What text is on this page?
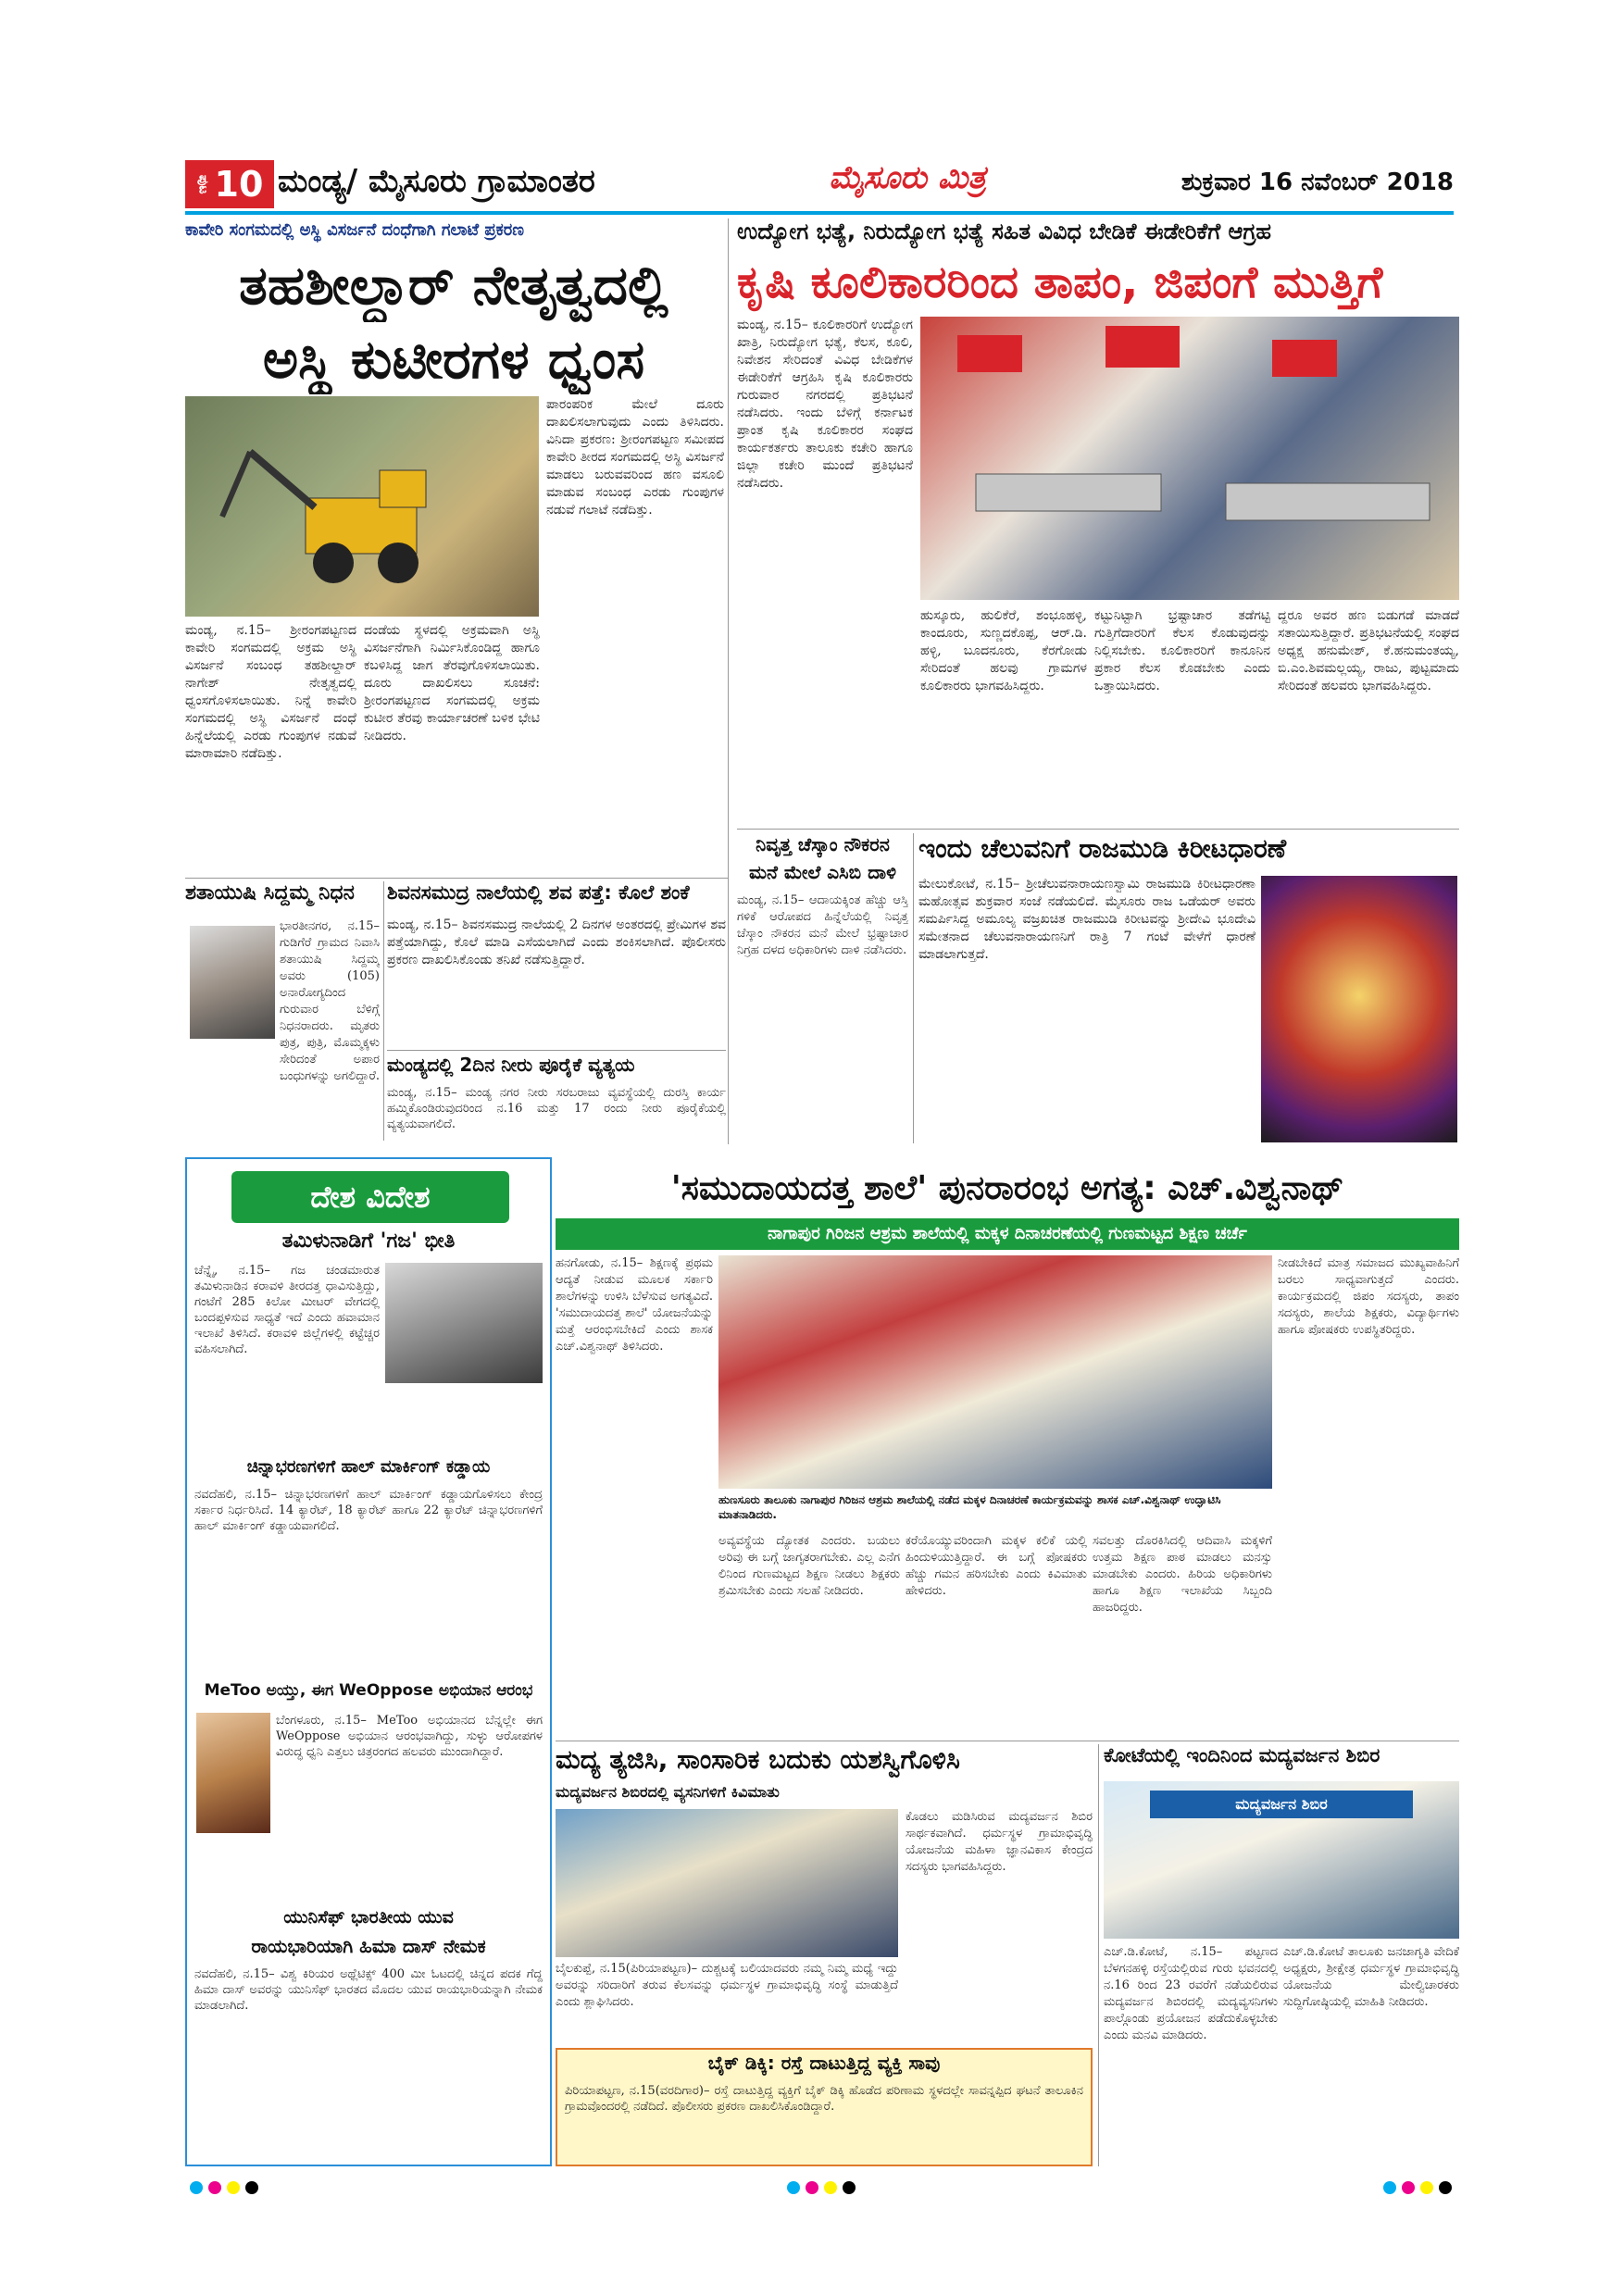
ಪುಟ 10 ಮಂಡ್ಯ/ ಮೈಸೂರು ಗ್ರಾಮಾಂತರ	ಮೈಸೂರು ಮಿತ್ರ	ಶುಕ್ರವಾರ 16 ನವೆಂಬರ್ 2018
ಕಾವೇರಿ ಸಂಗಮದಲ್ಲಿ ಅಸ್ಥಿ ವಿಸರ್ಜನೆ ದಂಧೆಗಾಗಿ ಗಲಾಟೆ ಪ್ರಕರಣ
ತಹಶೀಲ್ದಾರ್ ನೇತೃತ್ವದಲ್ಲಿ
ಅಸ್ಥಿ ಕುಟೀರಗಳ ಧ್ವಂಸ
ಪಾರಂಪರಿಕ ಮೇಲೆ ದೂರು ದಾಖಲಿಸಲಾಗುವುದು ಎಂದು ತಿಳಿಸಿದರು. ವಿನಿದಾ ಪ್ರಕರಣ: ಶ್ರೀರಂಗಪಟ್ಟಣ ಸಮೀಪದ ಕಾವೇರಿ ತೀರದ ಸಂಗಮದಲ್ಲಿ ಅಸ್ಥಿ ವಿಸರ್ಜನೆ ಮಾಡಲು ಬರುವವರಿಂದ ಹಣ ವಸೂಲಿ ಮಾಡುವ ಸಂಬಂಧ ಎರಡು ಗುಂಪುಗಳ ನಡುವೆ ಗಲಾಟೆ ನಡೆದಿತ್ತು.
ಮಂಡ್ಯ, ನ.15– ಶ್ರೀರಂಗಪಟ್ಟಣದ ಕಾವೇರಿ ಸಂಗಮದಲ್ಲಿ ಅಕ್ರಮ ಅಸ್ಥಿ ವಿಸರ್ಜನೆ ಸಂಬಂಧ ತಹಶೀಲ್ದಾರ್ ನಾಗೇಶ್ ನೇತೃತ್ವದಲ್ಲಿ ಧ್ವಂಸಗೊಳಿಸಲಾಯಿತು. ನಿನ್ನೆ ಕಾವೇರಿ ಸಂಗಮದಲ್ಲಿ ಅಸ್ಥಿ ವಿಸರ್ಜನೆ ದಂಧೆ ಹಿನ್ನೆಲೆಯಲ್ಲಿ ಎರಡು ಗುಂಪುಗಳ ನಡುವೆ ಮಾರಾಮಾರಿ ನಡೆದಿತ್ತು.
ದಂಡೆಯ ಸ್ಥಳದಲ್ಲಿ ಅಕ್ರಮವಾಗಿ ಅಸ್ಥಿ ವಿಸರ್ಜನೆಗಾಗಿ ನಿರ್ಮಿಸಿಕೊಂಡಿದ್ದ ಹಾಗೂ ಕಬಳಿಸಿದ್ದ ಜಾಗ ತೆರವುಗೊಳಿಸಲಾಯಿತು. ದೂರು ದಾಖಲಿಸಲು ಸೂಚನೆ: ಶ್ರೀರಂಗಪಟ್ಟಣದ ಸಂಗಮದಲ್ಲಿ ಅಕ್ರಮ ಕುಟೀರ ತೆರವು ಕಾರ್ಯಾಚರಣೆ ಬಳಿಕ ಭೇಟಿ ನೀಡಿದರು.
ಉದ್ಯೋಗ ಭತ್ಯೆ, ನಿರುದ್ಯೋಗ ಭತ್ಯೆ ಸಹಿತ ವಿವಿಧ ಬೇಡಿಕೆ ಈಡೇರಿಕೆಗೆ ಆಗ್ರಹ
ಕೃಷಿ ಕೂಲಿಕಾರರಿಂದ ತಾಪಂ, ಜಿಪಂಗೆ ಮುತ್ತಿಗೆ
ಮಂಡ್ಯ, ನ.15– ಕೂಲಿಕಾರರಿಗೆ ಉದ್ಯೋಗ ಖಾತ್ರಿ, ನಿರುದ್ಯೋಗ ಭತ್ಯೆ, ಕೆಲಸ, ಕೂಲಿ, ನಿವೇಶನ ಸೇರಿದಂತೆ ವಿವಿಧ ಬೇಡಿಕೆಗಳ ಈಡೇರಿಕೆಗೆ ಆಗ್ರಹಿಸಿ ಕೃಷಿ ಕೂಲಿಕಾರರು ಗುರುವಾರ ನಗರದಲ್ಲಿ ಪ್ರತಿಭಟನೆ ನಡೆಸಿದರು. ಇಂದು ಬೆಳಿಗ್ಗೆ ಕರ್ನಾಟಕ ಪ್ರಾಂತ ಕೃಷಿ ಕೂಲಿಕಾರರ ಸಂಘದ ಕಾರ್ಯಕರ್ತರು ತಾಲೂಕು ಕಚೇರಿ ಹಾಗೂ ಜಿಲ್ಲಾ ಕಚೇರಿ ಮುಂದೆ ಪ್ರತಿಭಟನೆ ನಡೆಸಿದರು.
ಹುಸ್ಕೂರು, ಹುಲಿಕೆರೆ, ಶಂಭೂಹಳ್ಳಿ, ಕಾಂದೂರು, ಸುಣ್ಣದಕೊಪ್ಪ, ಆರ್.ಡಿ. ಹಳ್ಳಿ, ಬೂದನೂರು, ಕೆರಗೋಡು ಸೇರಿದಂತೆ ಹಲವು ಗ್ರಾಮಗಳ ಕೂಲಿಕಾರರು ಭಾಗವಹಿಸಿದ್ದರು.
ಕಟ್ಟುನಿಟ್ಟಾಗಿ ಭ್ರಷ್ಟಾಚಾರ ತಡೆಗಟ್ಟಿ ಗುತ್ತಿಗೆದಾರರಿಗೆ ಕೆಲಸ ಕೊಡುವುದನ್ನು ನಿಲ್ಲಿಸಬೇಕು. ಕೂಲಿಕಾರರಿಗೆ ಕಾನೂನಿನ ಪ್ರಕಾರ ಕೆಲಸ ಕೊಡಬೇಕು ಎಂದು ಒತ್ತಾಯಿಸಿದರು.
ದ್ದರೂ ಅವರ ಹಣ ಬಿಡುಗಡೆ ಮಾಡದೆ ಸತಾಯಿಸುತ್ತಿದ್ದಾರೆ. ಪ್ರತಿಭಟನೆಯಲ್ಲಿ ಸಂಘದ ಅಧ್ಯಕ್ಷ ಹನುಮೇಶ್, ಕೆ.ಹನುಮಂತಯ್ಯ, ಬಿ.ಎಂ.ಶಿವಮಲ್ಲಯ್ಯ, ರಾಜು, ಪುಟ್ಟಮಾದು ಸೇರಿದಂತೆ ಹಲವರು ಭಾಗವಹಿಸಿದ್ದರು.
ಶತಾಯುಷಿ ಸಿದ್ದಮ್ಮ ನಿಧನ
ಭಾರತೀನಗರ, ನ.15– ಗುಡಿಗೆರೆ ಗ್ರಾಮದ ನಿವಾಸಿ ಶತಾಯುಷಿ ಸಿದ್ದಮ್ಮ ಅವರು (105) ಅನಾರೋಗ್ಯದಿಂದ ಗುರುವಾರ ಬೆಳಿಗ್ಗೆ ನಿಧನರಾದರು. ಮೃತರು ಪುತ್ರ, ಪುತ್ರಿ, ಮೊಮ್ಮಕ್ಕಳು ಸೇರಿದಂತೆ ಅಪಾರ ಬಂಧುಗಳನ್ನು ಅಗಲಿದ್ದಾರೆ.
ಶಿವನಸಮುದ್ರ ನಾಲೆಯಲ್ಲಿ ಶವ ಪತ್ತೆ: ಕೊಲೆ ಶಂಕೆ
ಮಂಡ್ಯ, ನ.15– ಶಿವನಸಮುದ್ರ ನಾಲೆಯಲ್ಲಿ 2 ದಿನಗಳ ಅಂತರದಲ್ಲಿ ಪ್ರೇಮಿಗಳ ಶವ ಪತ್ತೆಯಾಗಿದ್ದು, ಕೊಲೆ ಮಾಡಿ ಎಸೆಯಲಾಗಿದೆ ಎಂದು ಶಂಕಿಸಲಾಗಿದೆ. ಪೊಲೀಸರು ಪ್ರಕರಣ ದಾಖಲಿಸಿಕೊಂಡು ತನಿಖೆ ನಡೆಸುತ್ತಿದ್ದಾರೆ.
ಮಂಡ್ಯದಲ್ಲಿ 2ದಿನ ನೀರು ಪೂರೈಕೆ ವ್ಯತ್ಯಯ
ಮಂಡ್ಯ, ನ.15– ಮಂಡ್ಯ ನಗರ ನೀರು ಸರಬರಾಜು ವ್ಯವಸ್ಥೆಯಲ್ಲಿ ದುರಸ್ತಿ ಕಾರ್ಯ ಹಮ್ಮಿಕೊಂಡಿರುವುದರಿಂದ ನ.16 ಮತ್ತು 17 ರಂದು ನೀರು ಪೂರೈಕೆಯಲ್ಲಿ ವ್ಯತ್ಯಯವಾಗಲಿದೆ.
ನಿವೃತ್ತ ಚೆಸ್ಕಾಂ ನೌಕರನ
ಮನೆ ಮೇಲೆ ಎಸಿಬಿ ದಾಳಿ
ಮಂಡ್ಯ, ನ.15– ಆದಾಯಕ್ಕಿಂತ ಹೆಚ್ಚು ಆಸ್ತಿ ಗಳಿಕೆ ಆರೋಪದ ಹಿನ್ನೆಲೆಯಲ್ಲಿ ನಿವೃತ್ತ ಚೆಸ್ಕಾಂ ನೌಕರನ ಮನೆ ಮೇಲೆ ಭ್ರಷ್ಟಾಚಾರ ನಿಗ್ರಹ ದಳದ ಅಧಿಕಾರಿಗಳು ದಾಳಿ ನಡೆಸಿದರು.
ಇಂದು ಚೆಲುವನಿಗೆ ರಾಜಮುಡಿ ಕಿರೀಟಧಾರಣೆ
ಮೇಲುಕೋಟೆ, ನ.15– ಶ್ರೀಚೆಲುವನಾರಾಯಣಸ್ವಾಮಿ ರಾಜಮುಡಿ ಕಿರೀಟಧಾರಣಾ ಮಹೋತ್ಸವ ಶುಕ್ರವಾರ ಸಂಜೆ ನಡೆಯಲಿದೆ. ಮೈಸೂರು ರಾಜ ಒಡೆಯರ್ ಅವರು ಸಮರ್ಪಿಸಿದ್ದ ಅಮೂಲ್ಯ ವಜ್ರಖಚಿತ ರಾಜಮುಡಿ ಕಿರೀಟವನ್ನು ಶ್ರೀದೇವಿ ಭೂದೇವಿ ಸಮೇತನಾದ ಚೆಲುವನಾರಾಯಣನಿಗೆ ರಾತ್ರಿ 7 ಗಂಟೆ ವೇಳೆಗೆ ಧಾರಣೆ ಮಾಡಲಾಗುತ್ತದೆ.
ದೇಶ ವಿದೇಶ
ತಮಿಳುನಾಡಿಗೆ 'ಗಜ' ಭೀತಿ
ಚೆನ್ನೈ, ನ.15– ಗಜ ಚಂಡಮಾರುತ ತಮಿಳುನಾಡಿನ ಕರಾವಳಿ ತೀರದತ್ತ ಧಾವಿಸುತ್ತಿದ್ದು, ಗಂಟೆಗೆ 285 ಕಿಲೋ ಮೀಟರ್ ವೇಗದಲ್ಲಿ ಬಂದಪ್ಪಳಿಸುವ ಸಾಧ್ಯತೆ ಇದೆ ಎಂದು ಹವಾಮಾನ ಇಲಾಖೆ ತಿಳಿಸಿದೆ. ಕರಾವಳಿ ಜಿಲ್ಲೆಗಳಲ್ಲಿ ಕಟ್ಟೆಚ್ಚರ ವಹಿಸಲಾಗಿದೆ.
ಚಿನ್ನಾಭರಣಗಳಿಗೆ ಹಾಲ್ ಮಾರ್ಕಿಂಗ್ ಕಡ್ಡಾಯ
ನವದೆಹಲಿ, ನ.15– ಚಿನ್ನಾಭರಣಗಳಿಗೆ ಹಾಲ್ ಮಾರ್ಕಿಂಗ್ ಕಡ್ಡಾಯಗೊಳಿಸಲು ಕೇಂದ್ರ ಸರ್ಕಾರ ನಿರ್ಧರಿಸಿದೆ. 14 ಕ್ಯಾರೆಟ್, 18 ಕ್ಯಾರೆಟ್ ಹಾಗೂ 22 ಕ್ಯಾರೆಟ್ ಚಿನ್ನಾಭರಣಗಳಿಗೆ ಹಾಲ್ ಮಾರ್ಕಿಂಗ್ ಕಡ್ಡಾಯವಾಗಲಿದೆ.
MeToo ಅಯ್ತು, ಈಗ WeOppose ಅಭಿಯಾನ ಆರಂಭ
ಬೆಂಗಳೂರು, ನ.15– MeToo ಅಭಿಯಾನದ ಬೆನ್ನಲ್ಲೇ ಈಗ WeOppose ಅಭಿಯಾನ ಆರಂಭವಾಗಿದ್ದು, ಸುಳ್ಳು ಆರೋಪಗಳ ವಿರುದ್ಧ ಧ್ವನಿ ಎತ್ತಲು ಚಿತ್ರರಂಗದ ಹಲವರು ಮುಂದಾಗಿದ್ದಾರೆ.
ಯುನಿಸೆಫ್ ಭಾರತೀಯ ಯುವ
ರಾಯಭಾರಿಯಾಗಿ ಹಿಮಾ ದಾಸ್ ನೇಮಕ
ನವದೆಹಲಿ, ನ.15– ವಿಶ್ವ ಕಿರಿಯರ ಅಥ್ಲೆಟಿಕ್ಸ್ 400 ಮೀ ಓಟದಲ್ಲಿ ಚಿನ್ನದ ಪದಕ ಗೆದ್ದ ಹಿಮಾ ದಾಸ್ ಅವರನ್ನು ಯುನಿಸೆಫ್ ಭಾರತದ ಮೊದಲ ಯುವ ರಾಯಭಾರಿಯನ್ನಾಗಿ ನೇಮಕ ಮಾಡಲಾಗಿದೆ.
'ಸಮುದಾಯದತ್ತ ಶಾಲೆ' ಪುನರಾರಂಭ ಅಗತ್ಯ: ಎಚ್.ವಿಶ್ವನಾಥ್
ನಾಗಾಪುರ ಗಿರಿಜನ ಆಶ್ರಮ ಶಾಲೆಯಲ್ಲಿ ಮಕ್ಕಳ ದಿನಾಚರಣೆಯಲ್ಲಿ ಗುಣಮಟ್ಟದ ಶಿಕ್ಷಣ ಚರ್ಚೆ
ಹನಗೋಡು, ನ.15– ಶಿಕ್ಷಣಕ್ಕೆ ಪ್ರಥಮ ಆದ್ಯತೆ ನೀಡುವ ಮೂಲಕ ಸರ್ಕಾರಿ ಶಾಲೆಗಳನ್ನು ಉಳಿಸಿ ಬೆಳೆಸುವ ಅಗತ್ಯವಿದೆ. 'ಸಮುದಾಯದತ್ತ ಶಾಲೆ' ಯೋಜನೆಯನ್ನು ಮತ್ತೆ ಆರಂಭಿಸಬೇಕಿದೆ ಎಂದು ಶಾಸಕ ಎಚ್.ವಿಶ್ವನಾಥ್ ತಿಳಿಸಿದರು.
ನೀಡಬೇಕಿದೆ ಮಾತ್ರ ಸಮಾಜದ ಮುಖ್ಯವಾಹಿನಿಗೆ ಬರಲು ಸಾಧ್ಯವಾಗುತ್ತದೆ ಎಂದರು. ಕಾರ್ಯಕ್ರಮದಲ್ಲಿ ಜಿಪಂ ಸದಸ್ಯರು, ತಾಪಂ ಸದಸ್ಯರು, ಶಾಲೆಯ ಶಿಕ್ಷಕರು, ವಿದ್ಯಾರ್ಥಿಗಳು ಹಾಗೂ ಪೋಷಕರು ಉಪಸ್ಥಿತರಿದ್ದರು.
ಹುಣಸೂರು ತಾಲೂಕು ನಾಗಾಪುರ ಗಿರಿಜನ ಆಶ್ರಮ ಶಾಲೆಯಲ್ಲಿ ನಡೆದ ಮಕ್ಕಳ ದಿನಾಚರಣೆ ಕಾರ್ಯಕ್ರಮವನ್ನು ಶಾಸಕ ಎಚ್.ವಿಶ್ವನಾಥ್ ಉದ್ಘಾಟಿಸಿ ಮಾತನಾಡಿದರು.
ಅವ್ಯವಸ್ಥೆಯ ದ್ಯೋತಕ ಎಂದರು. ಬಯಲು ಅರಿವು ಈ ಬಗ್ಗೆ ಜಾಗೃತರಾಗಬೇಕು. ಎಲ್ಲ ಎನೆಗ ಲಿನಿಂದ ಗುಣಮಟ್ಟದ ಶಿಕ್ಷಣ ನೀಡಲು ಶಿಕ್ಷಕರು ಶ್ರಮಿಸಬೇಕು ಎಂದು ಸಲಹೆ ನೀಡಿದರು.
ಕರೆಯೊಯ್ಯುವರಿಂದಾಗಿ ಮಕ್ಕಳ ಕಲಿಕೆ ಯಲ್ಲಿ ಹಿಂದುಳಿಯುತ್ತಿದ್ದಾರೆ. ಈ ಬಗ್ಗೆ ಪೋಷಕರು ಹೆಚ್ಚು ಗಮನ ಹರಿಸಬೇಕು ಎಂದು ಕಿವಿಮಾತು ಹೇಳಿದರು.
ಸವಲತ್ತು ದೊರಕಿಸಿದಲ್ಲಿ ಆದಿವಾಸಿ ಮಕ್ಕಳಿಗೆ ಉತ್ತಮ ಶಿಕ್ಷಣ ಪಾಠ ಮಾಡಲು ಮನಸ್ಸು ಮಾಡಬೇಕು ಎಂದರು. ಹಿರಿಯ ಅಧಿಕಾರಿಗಳು ಹಾಗೂ ಶಿಕ್ಷಣ ಇಲಾಖೆಯ ಸಿಬ್ಬಂದಿ ಹಾಜರಿದ್ದರು.
ಮದ್ಯ ತ್ಯಜಿಸಿ, ಸಾಂಸಾರಿಕ ಬದುಕು ಯಶಸ್ವಿಗೊಳಿಸಿ
ಮದ್ಯವರ್ಜನ ಶಿಬಿರದಲ್ಲಿ ವ್ಯಸನಿಗಳಿಗೆ ಕಿವಿಮಾತು
ಕೊಡಲು ಮಡಿಸಿರುವ ಮದ್ಯವರ್ಜನ ಶಿಬಿರ ಸಾರ್ಥಕವಾಗಿದೆ. ಧರ್ಮಸ್ಥಳ ಗ್ರಾಮಾಭಿವೃದ್ಧಿ ಯೋಜನೆಯ ಮಹಿಳಾ ಜ್ಞಾನವಿಕಾಸ ಕೇಂದ್ರದ ಸದಸ್ಯರು ಭಾಗವಹಿಸಿದ್ದರು.
ಬೈಲಕುಪ್ಪೆ, ನ.15(ಪಿರಿಯಾಪಟ್ಟಣ)– ದುಶ್ಚಟಕ್ಕೆ ಬಲಿಯಾದವರು ನಮ್ಮ ನಿಮ್ಮ ಮಧ್ಯೆ ಇದ್ದು ಅವರನ್ನು ಸರಿದಾರಿಗೆ ತರುವ ಕೆಲಸವನ್ನು ಧರ್ಮಸ್ಥಳ ಗ್ರಾಮಾಭಿವೃದ್ಧಿ ಸಂಸ್ಥೆ ಮಾಡುತ್ತಿದೆ ಎಂದು ಶ್ಲಾಘಿಸಿದರು.
ಬೈಕ್ ಡಿಕ್ಕಿ: ರಸ್ತೆ ದಾಟುತ್ತಿದ್ದ ವ್ಯಕ್ತಿ ಸಾವು
ಪಿರಿಯಾಪಟ್ಟಣ, ನ.15(ವರದಿಗಾರ)– ರಸ್ತೆ ದಾಟುತ್ತಿದ್ದ ವ್ಯಕ್ತಿಗೆ ಬೈಕ್ ಡಿಕ್ಕಿ ಹೊಡೆದ ಪರಿಣಾಮ ಸ್ಥಳದಲ್ಲೇ ಸಾವನ್ನಪ್ಪಿದ ಘಟನೆ ತಾಲೂಕಿನ ಗ್ರಾಮವೊಂದರಲ್ಲಿ ನಡೆದಿದೆ. ಪೊಲೀಸರು ಪ್ರಕರಣ ದಾಖಲಿಸಿಕೊಂಡಿದ್ದಾರೆ.
ಕೋಟೆಯಲ್ಲಿ ಇಂದಿನಿಂದ ಮದ್ಯವರ್ಜನ ಶಿಬಿರ
ಮದ್ಯವರ್ಜನ ಶಿಬಿರ
ಎಚ್.ಡಿ.ಕೋಟೆ, ನ.15– ಪಟ್ಟಣದ ಬೆಳಗನಹಳ್ಳಿ ರಸ್ತೆಯಲ್ಲಿರುವ ಗುರು ಭವನದಲ್ಲಿ ನ.16 ರಿಂದ 23 ರವರೆಗೆ ನಡೆಯಲಿರುವ ಮದ್ಯವರ್ಜನ ಶಿಬಿರದಲ್ಲಿ ಮದ್ಯವ್ಯಸನಿಗಳು ಪಾಲ್ಗೊಂಡು ಪ್ರಯೋಜನ ಪಡೆದುಕೊಳ್ಳಬೇಕು ಎಂದು ಮನವಿ ಮಾಡಿದರು.
ಎಚ್.ಡಿ.ಕೋಟೆ ತಾಲೂಕು ಜನಜಾಗೃತಿ ವೇದಿಕೆ ಅಧ್ಯಕ್ಷರು, ಶ್ರೀಕ್ಷೇತ್ರ ಧರ್ಮಸ್ಥಳ ಗ್ರಾಮಾಭಿವೃದ್ಧಿ ಯೋಜನೆಯ ಮೇಲ್ವಿಚಾರಕರು ಸುದ್ದಿಗೋಷ್ಠಿಯಲ್ಲಿ ಮಾಹಿತಿ ನೀಡಿದರು.
